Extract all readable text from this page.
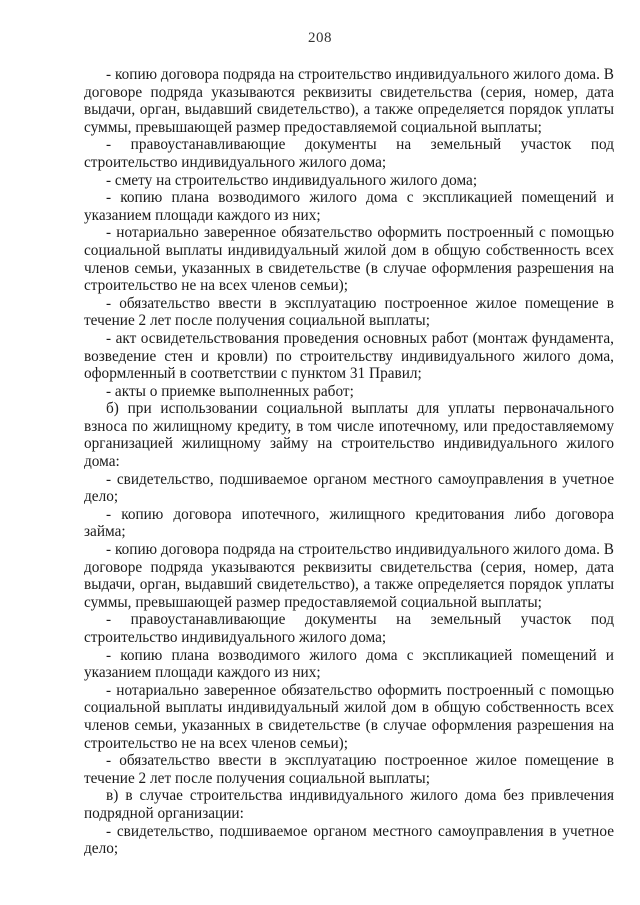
208

- копию договора подряда на строительство индивидуального жилого дома. В договоре подряда указываются реквизиты свидетельства (серия, номер, дата выдачи, орган, выдавший свидетельство), а также определяется порядок уплаты суммы, превышающей размер предоставляемой социальной выплаты;

- правоустанавливающие документы на земельный участок под строительство индивидуального жилого дома;

- смету на строительство индивидуального жилого дома;

- копию плана возводимого жилого дома с экспликацией помещений и указанием площади каждого из них;

- нотариально заверенное обязательство оформить построенный с помощью социальной выплаты индивидуальный жилой дом в общую собственность всех членов семьи, указанных в свидетельстве (в случае оформления разрешения на строительство не на всех членов семьи);

- обязательство ввести в эксплуатацию построенное жилое помещение в течение 2 лет после получения социальной выплаты;

- акт освидетельствования проведения основных работ (монтаж фундамента, возведение стен и кровли) по строительству индивидуального жилого дома, оформленный в соответствии с пунктом 31 Правил;

- акты о приемке выполненных работ;

б) при использовании социальной выплаты для уплаты первоначального взноса по жилищному кредиту, в том числе ипотечному, или предоставляемому организацией жилищному займу на строительство индивидуального жилого дома:

- свидетельство, подшиваемое органом местного самоуправления в учетное дело;

- копию договора ипотечного, жилищного кредитования либо договора займа;

- копию договора подряда на строительство индивидуального жилого дома. В договоре подряда указываются реквизиты свидетельства (серия, номер, дата выдачи, орган, выдавший свидетельство), а также определяется порядок уплаты суммы, превышающей размер предоставляемой социальной выплаты;

- правоустанавливающие документы на земельный участок под строительство индивидуального жилого дома;

- копию плана возводимого жилого дома с экспликацией помещений и указанием площади каждого из них;

- нотариально заверенное обязательство оформить построенный с помощью социальной выплаты индивидуальный жилой дом в общую собственность всех членов семьи, указанных в свидетельстве (в случае оформления разрешения на строительство не на всех членов семьи);

- обязательство ввести в эксплуатацию построенное жилое помещение в течение 2 лет после получения социальной выплаты;

в) в случае строительства индивидуального жилого дома без привлечения подрядной организации:

- свидетельство, подшиваемое органом местного самоуправления в учетное дело;
